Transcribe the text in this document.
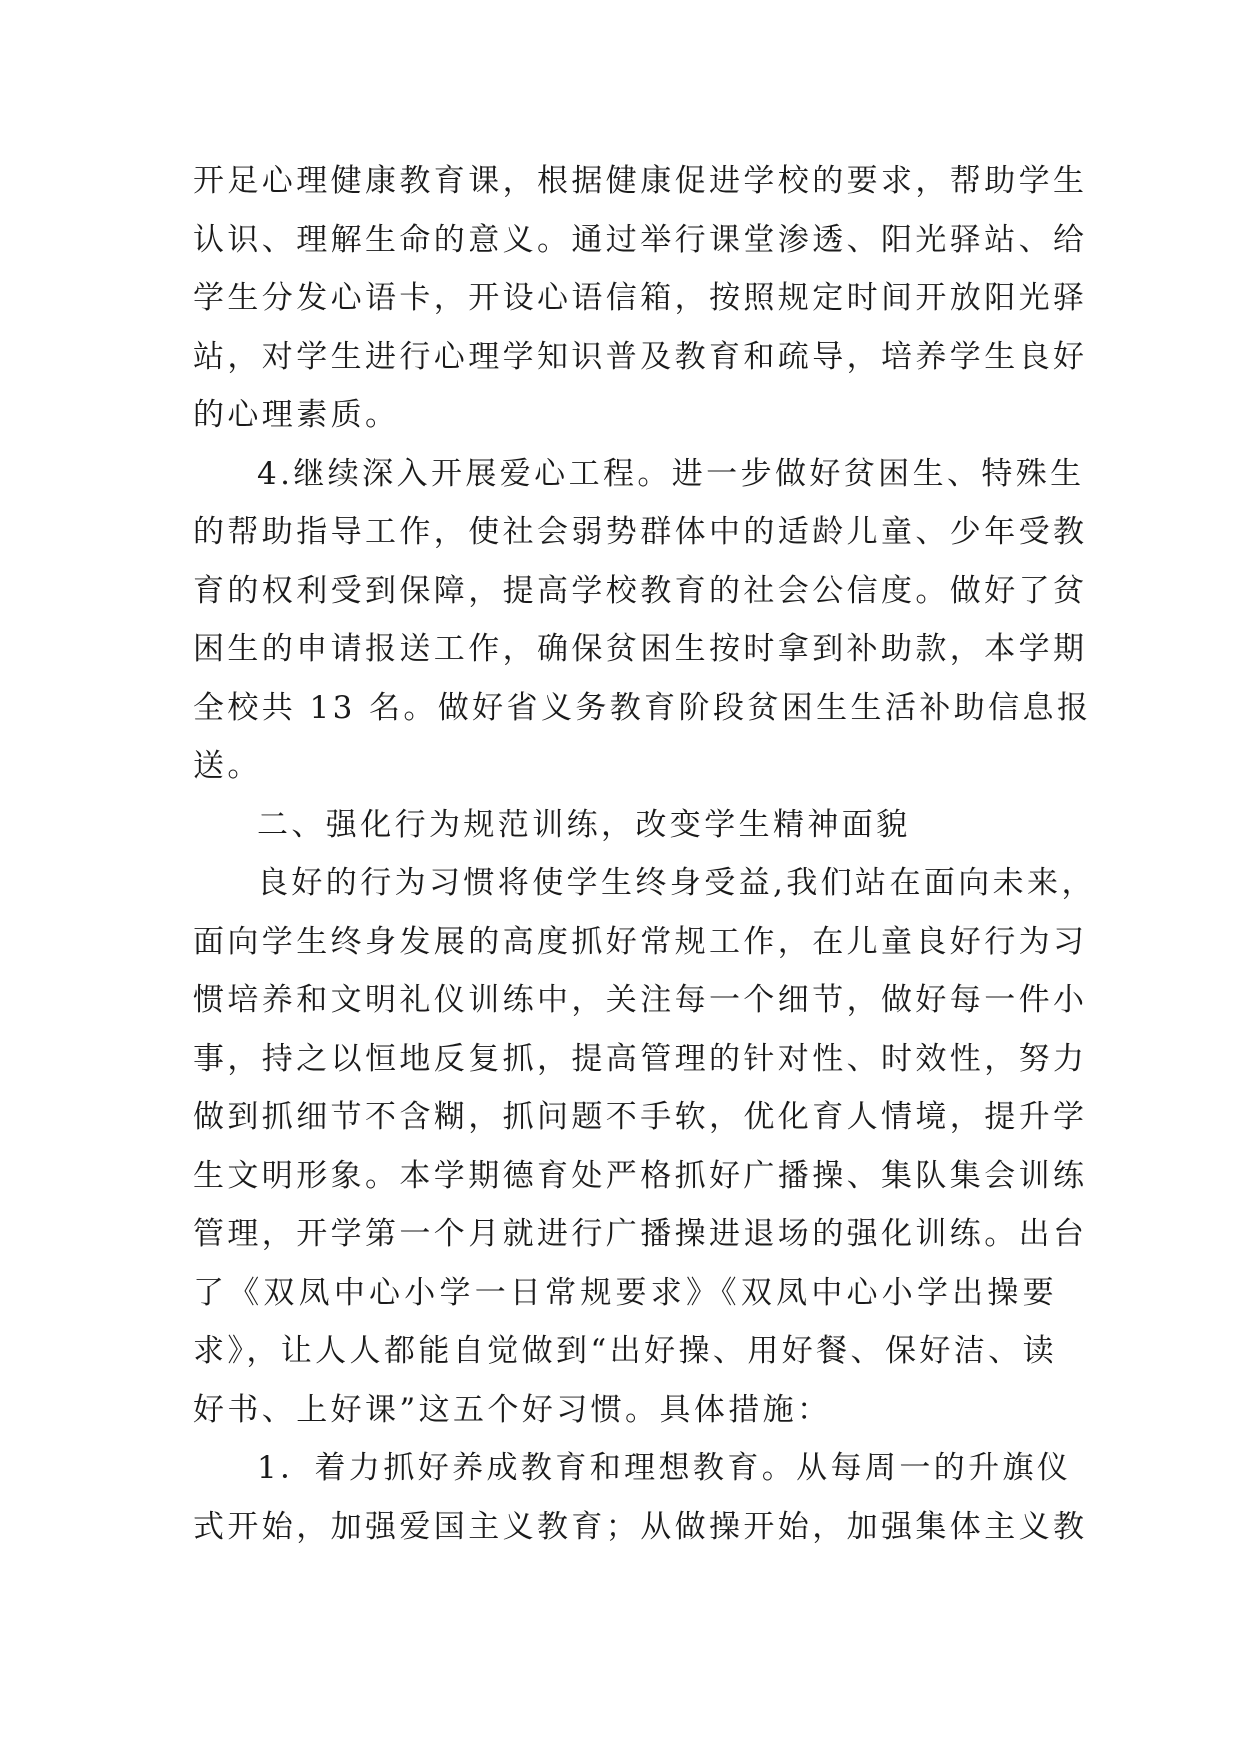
开足心理健康教育课，根据健康促进学校的要求，帮助学生
认识、理解生命的意义。通过举行课堂渗透、阳光驿站、给
学生分发心语卡，开设心语信箱，按照规定时间开放阳光驿
站，对学生进行心理学知识普及教育和疏导，培养学生良好
的心理素质。
4.继续深入开展爱心工程。进一步做好贫困生、特殊生
的帮助指导工作，使社会弱势群体中的适龄儿童、少年受教
育的权利受到保障，提高学校教育的社会公信度。做好了贫
困生的申请报送工作，确保贫困生按时拿到补助款，本学期
全校共 13 名。做好省义务教育阶段贫困生生活补助信息报
送。
二、强化行为规范训练，改变学生精神面貌
良好的行为习惯将使学生终身受益,我们站在面向未来，
面向学生终身发展的高度抓好常规工作，在儿童良好行为习
惯培养和文明礼仪训练中，关注每一个细节，做好每一件小
事，持之以恒地反复抓，提高管理的针对性、时效性，努力
做到抓细节不含糊，抓问题不手软，优化育人情境，提升学
生文明形象。本学期德育处严格抓好广播操、集队集会训练
管理，开学第一个月就进行广播操进退场的强化训练。出台
了《双凤中心小学一日常规要求》《双凤中心小学出操要
求》，让人人都能自觉做到“出好操、用好餐、保好洁、读
好书、上好课”这五个好习惯。具体措施：
1．着力抓好养成教育和理想教育。从每周一的升旗仪
式开始，加强爱国主义教育；从做操开始，加强集体主义教
